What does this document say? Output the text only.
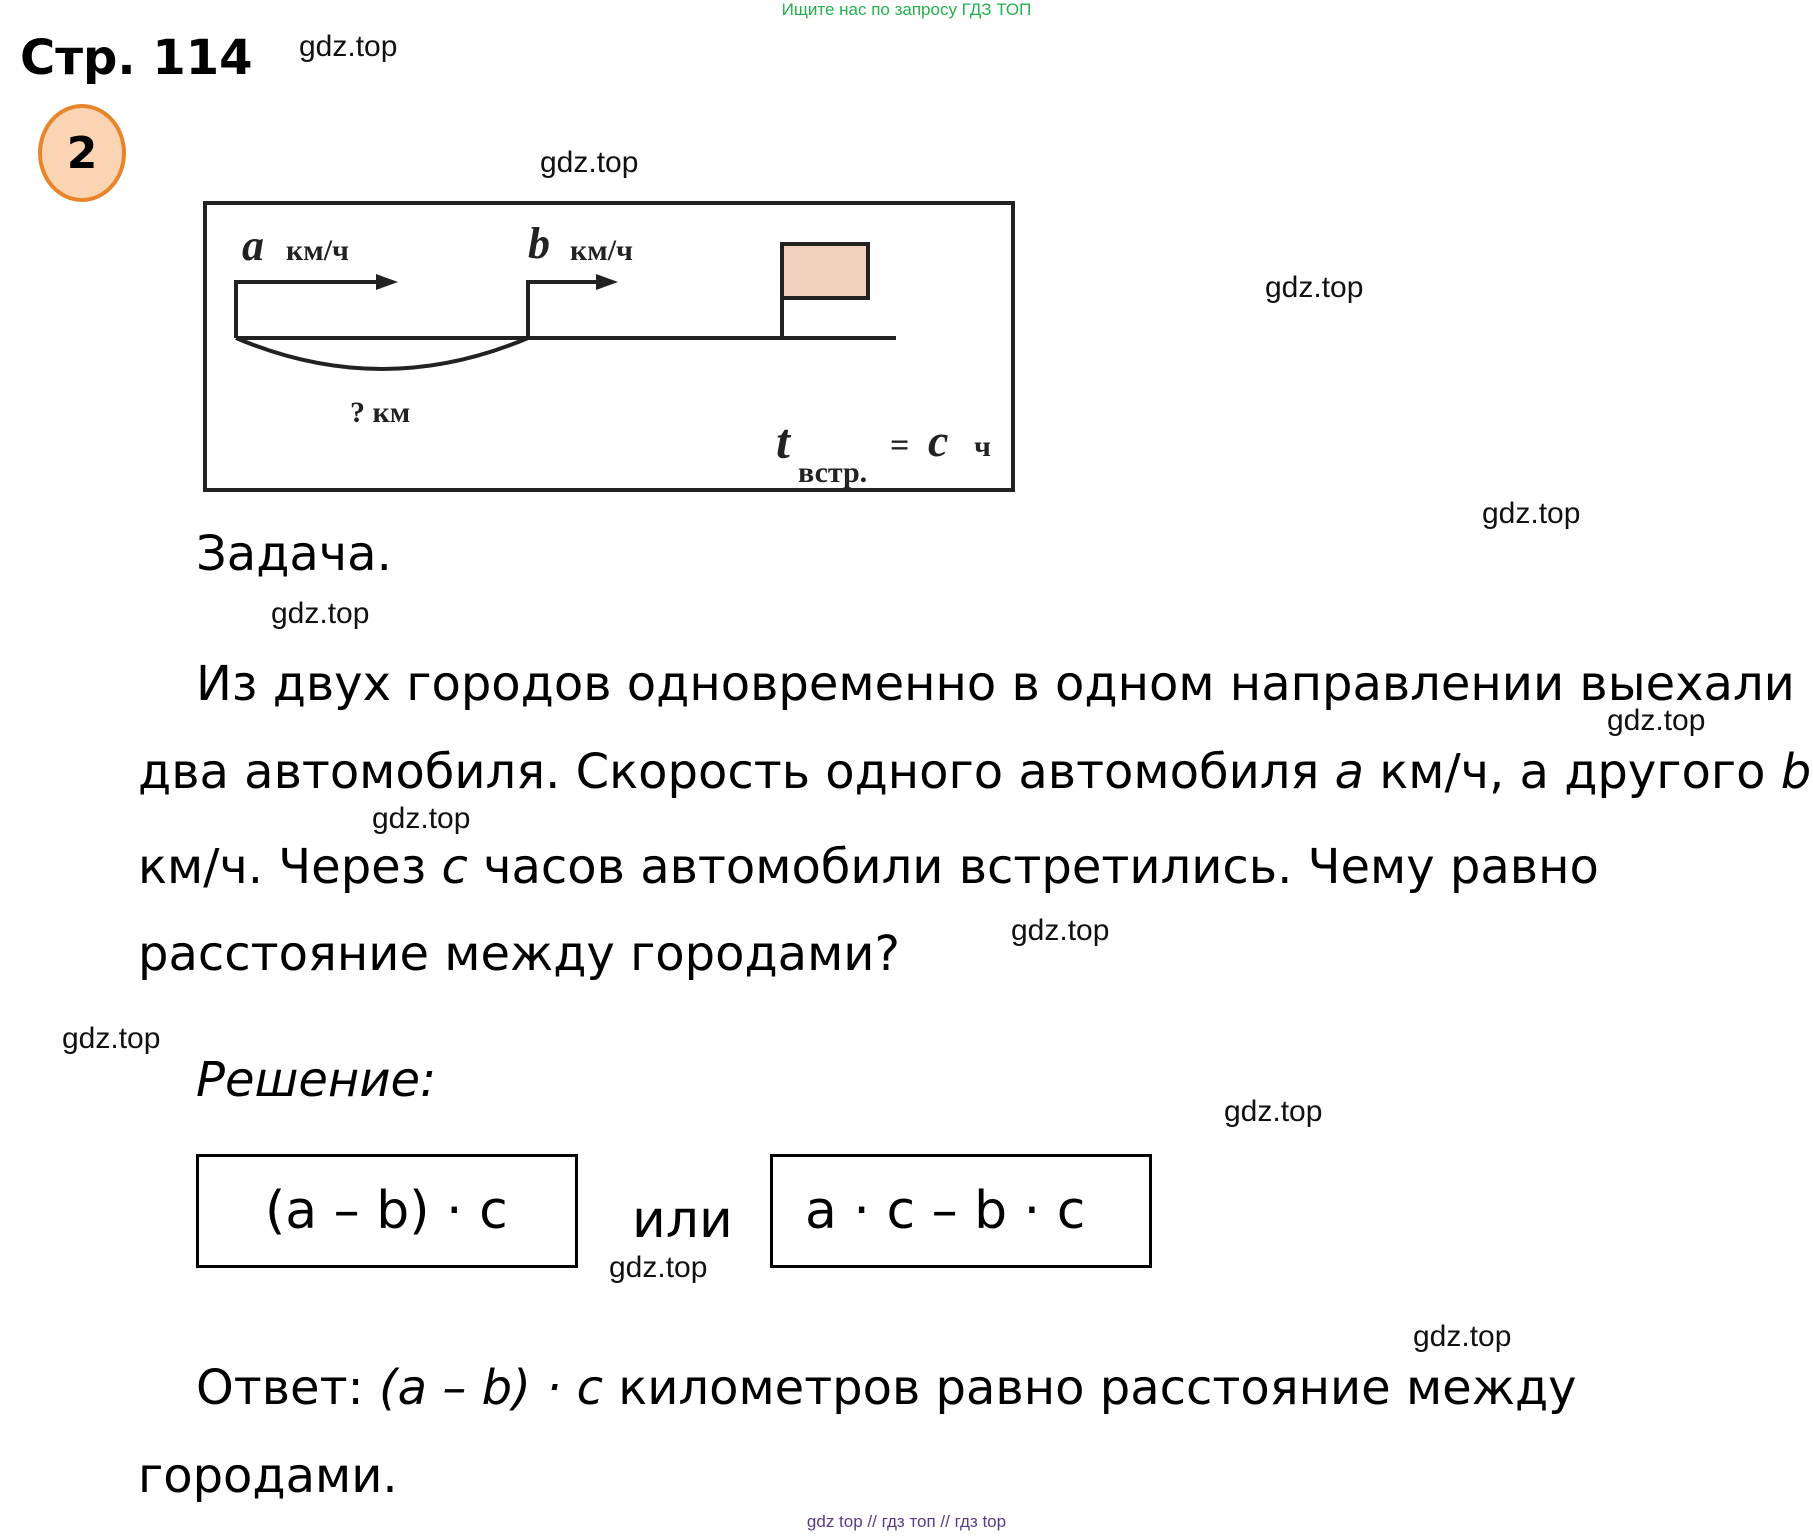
Ищите нас по запросу ГДЗ ТОП
Стр. 114
2
gdz.top
gdz.top
gdz.top
gdz.top
gdz.top
gdz.top
gdz.top
gdz.top
gdz.top
gdz.top
gdz.top
gdz.top
a км/ч	b км/ч
? км
t
встр.
= c ч
Задача.
Из двух городов одновременно в одном направлении выехали
два автомобиля. Скорость одного автомобиля a км/ч, а другого b
км/ч. Через c часов автомобили встретились. Чему равно
расстояние между городами?
Решение:
(a – b) · c или a · c – b · c
Ответ: (a – b) · c километров равно расстояние между
городами.
gdz top // гдз топ // гдз top
